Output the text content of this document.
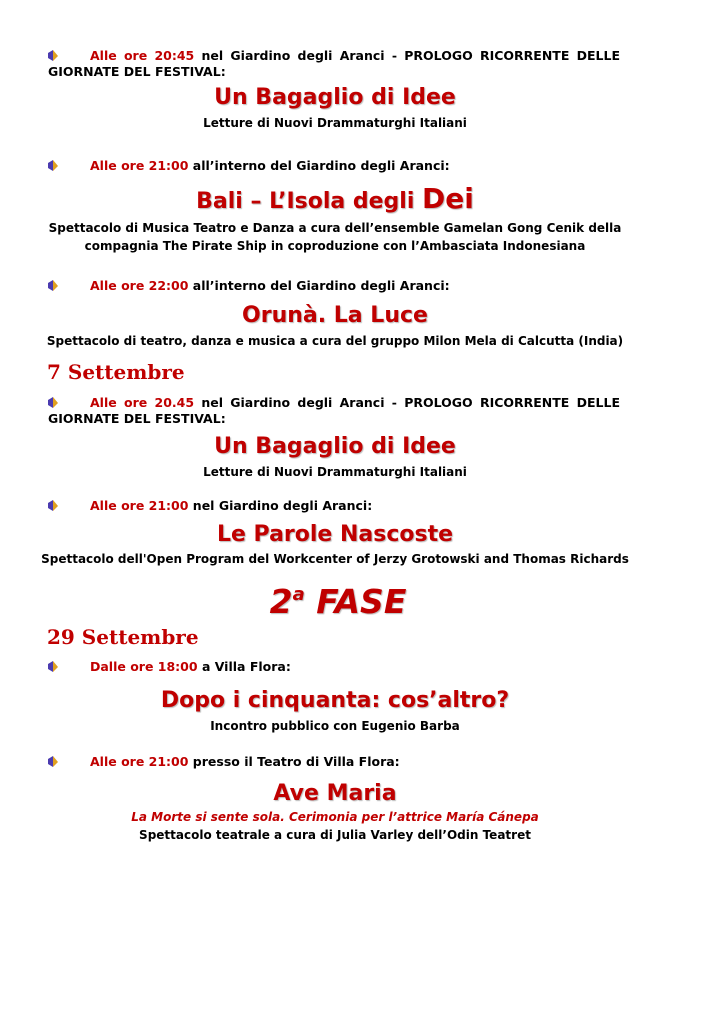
Alle ore 20:45 nel Giardino degli Aranci - PROLOGO RICORRENTE DELLE
GIORNATE DEL FESTIVAL:
Un Bagaglio di Idee
Letture di Nuovi Drammaturghi Italiani
Alle ore 21:00 all’interno del Giardino degli Aranci:
Bali – L’Isola degli Dei
Spettacolo di Musica Teatro e Danza a cura dell’ensemble Gamelan Gong Cenik della
compagnia The Pirate Ship in coproduzione con l’Ambasciata Indonesiana
Alle ore 22:00 all’interno del Giardino degli Aranci:
Orunà. La Luce
Spettacolo di teatro, danza e musica a cura del gruppo Milon Mela di Calcutta (India)
7 Settembre
Alle ore 20.45 nel Giardino degli Aranci - PROLOGO RICORRENTE DELLE
GIORNATE DEL FESTIVAL:
Un Bagaglio di Idee
Letture di Nuovi Drammaturghi Italiani
Alle ore 21:00 nel Giardino degli Aranci:
Le Parole Nascoste
Spettacolo dell'Open Program del Workcenter of Jerzy Grotowski and Thomas Richards
2$^a$ FASE
29 Settembre
Dalle ore 18:00 a Villa Flora:
Dopo i cinquanta: cos’altro?
Incontro pubblico con Eugenio Barba
Alle ore 21:00 presso il Teatro di Villa Flora:
Ave Maria
La Morte si sente sola. Cerimonia per l’attrice María Cánepa
Spettacolo teatrale a cura di Julia Varley dell’Odin Teatret
